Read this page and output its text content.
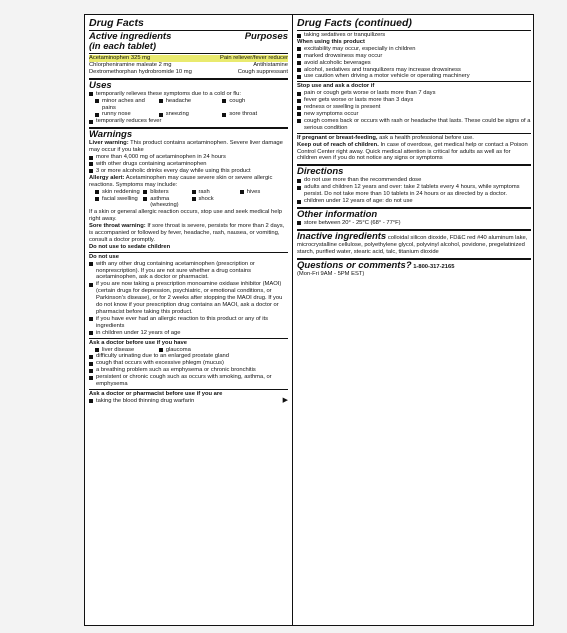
Drug Facts
Active ingredients	Purposes
(in each tablet)
Acetaminophen 325 mg	Pain reliever/fever reducer
Chlorpheniramine maleate 2 mg	Antihistamine
Dextromethorphan hydrobromide 10 mg	Cough suppressant
Uses
temporarily relieves these symptoms due to a cold or flu:
minor aches and pains
headache	cough
runny nose	sneezing	sore throat
temporarily reduces fever
Warnings
Liver warning: This product contains acetaminophen. Severe liver damage may occur if you take
more than 4,000 mg of acetaminophen in 24 hours
with other drugs containing acetaminophen
3 or more alcoholic drinks every day while using this product
Allergy alert: Acetaminophen may cause severe skin or severe allergic reactions. Symptoms may include:
skin reddening blisters	rash	hives
facial swelling asthma (wheezing)
shock
If a skin or general allergic reaction occurs, stop use and seek medical help right away.
Sore throat warning: If sore throat is severe, persists for more than 2 days, is accompanied or followed by fever, headache, rash, nausea, or vomiting, consult a doctor promptly.
Do not use to sedate children
Do not use
with any other drug containing acetaminophen (prescription or nonprescription). If you are not sure whether a drug contains acetaminophen, ask a doctor or pharmacist.
if you are now taking a prescription monoamine oxidase inhibitor (MAOI) (certain drugs for depression, psychiatric, or emotional conditions, or Parkinson's disease), or for 2 weeks after stopping the MAOI drug. If you do not know if your prescription drug contains an MAOI, ask a doctor or pharmacist before taking this product.
if you have ever had an allergic reaction to this product or any of its ingredients
in children under 12 years of age
Ask a doctor before use if you have
liver disease	glaucoma
difficulty urinating due to an enlarged prostate gland
cough that occurs with excessive phlegm (mucus)
a breathing problem such as emphysema or chronic bronchitis
persistent or chronic cough such as occurs with smoking, asthma, or emphysema
Ask a doctor or pharmacist before use if you are
▶
taking the blood thinning drug warfarin
Drug Facts (continued)
taking sedatives or tranquilizers
When using this product
excitability may occur, especially in children
marked drowsiness may occur
avoid alcoholic beverages
alcohol, sedatives and tranquilizers may increase drowsiness
use caution when driving a motor vehicle or operating machinery
Stop use and ask a doctor if
pain or cough gets worse or lasts more than 7 days
fever gets worse or lasts more than 3 days
redness or swelling is present
new symptoms occur
cough comes back or occurs with rash or headache that lasts. These could be signs of a serious condition
If pregnant or breast-feeding, ask a health professional before use.
Keep out of reach of children. In case of overdose, get medical help or contact a Poison Control Center right away. Quick medical attention is critical for adults as well as for children even if you do not notice any signs or symptoms
Directions
do not use more than the recommended dose
adults and children 12 years and over: take 2 tablets every 4 hours, while symptoms persist. Do not take more than 10 tablets in 24 hours or as directed by a doctor.
children under 12 years of age: do not use
Other information
store between 20° - 25°C (68° - 77°F)
Inactive ingredients colloidal silicon dioxide, FD&C red #40 aluminum lake, microcrystalline cellulose, polyethylene glycol, polyvinyl alcohol, povidone, pregelatinized starch, purified water, stearic acid, talc, titanium dioxide
Questions or comments? 1-800-317-2165
(Mon-Fri 9AM - 5PM EST)
